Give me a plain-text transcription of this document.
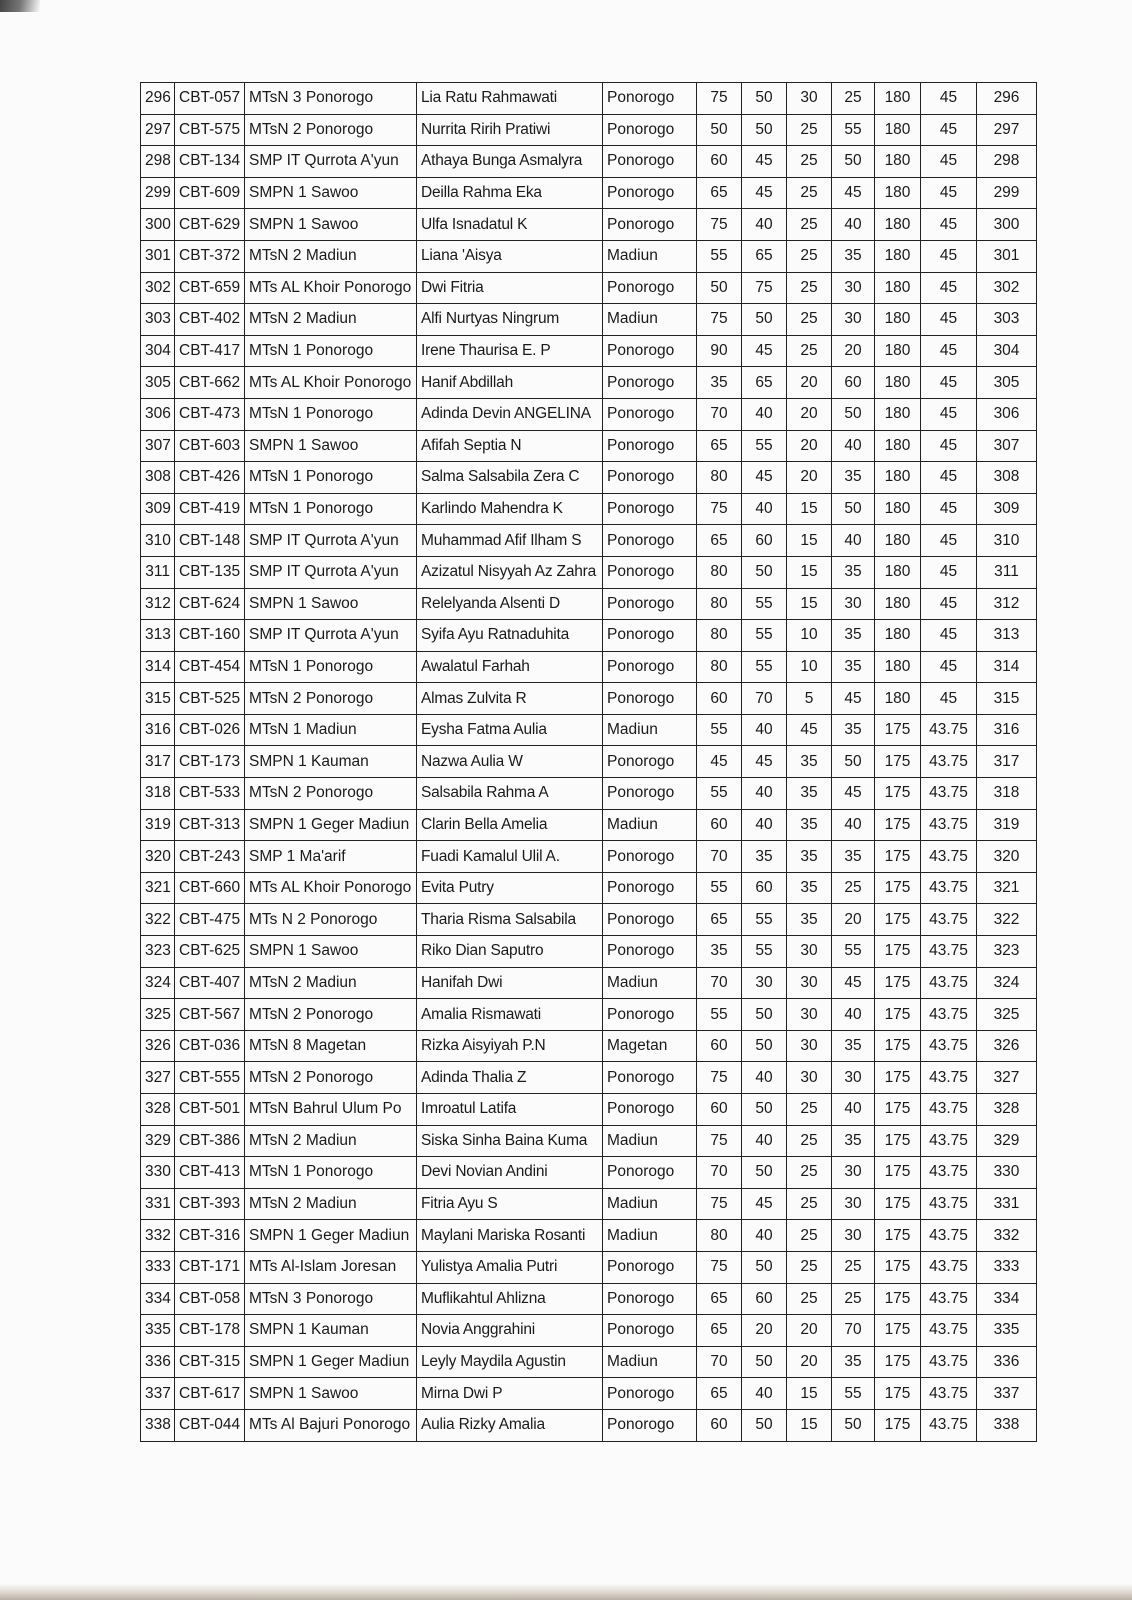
296	CBT-057	MTsN 3 Ponorogo	Lia Ratu Rahmawati	Ponorogo	75	50	30	25	180	45	296
297	CBT-575	MTsN 2 Ponorogo	Nurrita Ririh Pratiwi	Ponorogo	50	50	25	55	180	45	297
298	CBT-134	SMP IT Qurrota A'yun	Athaya Bunga Asmalyra	Ponorogo	60	45	25	50	180	45	298
299	CBT-609	SMPN 1 Sawoo	Deilla Rahma Eka	Ponorogo	65	45	25	45	180	45	299
300	CBT-629	SMPN 1 Sawoo	Ulfa Isnadatul K	Ponorogo	75	40	25	40	180	45	300
301	CBT-372	MTsN 2 Madiun	Liana 'Aisya	Madiun	55	65	25	35	180	45	301
302	CBT-659	MTs AL Khoir Ponorogo	Dwi Fitria	Ponorogo	50	75	25	30	180	45	302
303	CBT-402	MTsN 2 Madiun	Alfi Nurtyas Ningrum	Madiun	75	50	25	30	180	45	303
304	CBT-417	MTsN 1 Ponorogo	Irene Thaurisa E. P	Ponorogo	90	45	25	20	180	45	304
305	CBT-662	MTs AL Khoir Ponorogo	Hanif Abdillah	Ponorogo	35	65	20	60	180	45	305
306	CBT-473	MTsN 1 Ponorogo	Adinda Devin ANGELINA	Ponorogo	70	40	20	50	180	45	306
307	CBT-603	SMPN 1 Sawoo	Afifah Septia N	Ponorogo	65	55	20	40	180	45	307
308	CBT-426	MTsN 1 Ponorogo	Salma Salsabila Zera C	Ponorogo	80	45	20	35	180	45	308
309	CBT-419	MTsN 1 Ponorogo	Karlindo Mahendra K	Ponorogo	75	40	15	50	180	45	309
310	CBT-148	SMP IT Qurrota A'yun	Muhammad Afif Ilham S	Ponorogo	65	60	15	40	180	45	310
311	CBT-135	SMP IT Qurrota A'yun	Azizatul Nisyyah Az Zahra	Ponorogo	80	50	15	35	180	45	311
312	CBT-624	SMPN 1 Sawoo	Relelyanda Alsenti D	Ponorogo	80	55	15	30	180	45	312
313	CBT-160	SMP IT Qurrota A'yun	Syifa Ayu Ratnaduhita	Ponorogo	80	55	10	35	180	45	313
314	CBT-454	MTsN 1 Ponorogo	Awalatul Farhah	Ponorogo	80	55	10	35	180	45	314
315	CBT-525	MTsN 2 Ponorogo	Almas Zulvita R	Ponorogo	60	70	5	45	180	45	315
316	CBT-026	MTsN 1 Madiun	Eysha Fatma Aulia	Madiun	55	40	45	35	175	43.75	316
317	CBT-173	SMPN 1 Kauman	Nazwa Aulia W	Ponorogo	45	45	35	50	175	43.75	317
318	CBT-533	MTsN 2 Ponorogo	Salsabila Rahma A	Ponorogo	55	40	35	45	175	43.75	318
319	CBT-313	SMPN 1 Geger Madiun	Clarin Bella Amelia	Madiun	60	40	35	40	175	43.75	319
320	CBT-243	SMP 1 Ma'arif	Fuadi Kamalul Ulil A.	Ponorogo	70	35	35	35	175	43.75	320
321	CBT-660	MTs AL Khoir Ponorogo	Evita Putry	Ponorogo	55	60	35	25	175	43.75	321
322	CBT-475	MTs N 2 Ponorogo	Tharia Risma Salsabila	Ponorogo	65	55	35	20	175	43.75	322
323	CBT-625	SMPN 1 Sawoo	Riko Dian Saputro	Ponorogo	35	55	30	55	175	43.75	323
324	CBT-407	MTsN 2 Madiun	Hanifah Dwi	Madiun	70	30	30	45	175	43.75	324
325	CBT-567	MTsN 2 Ponorogo	Amalia Rismawati	Ponorogo	55	50	30	40	175	43.75	325
326	CBT-036	MTsN 8 Magetan	Rizka Aisyiyah P.N	Magetan	60	50	30	35	175	43.75	326
327	CBT-555	MTsN 2 Ponorogo	Adinda Thalia Z	Ponorogo	75	40	30	30	175	43.75	327
328	CBT-501	MTsN Bahrul Ulum Po	Imroatul Latifa	Ponorogo	60	50	25	40	175	43.75	328
329	CBT-386	MTsN 2 Madiun	Siska Sinha Baina Kuma	Madiun	75	40	25	35	175	43.75	329
330	CBT-413	MTsN 1 Ponorogo	Devi Novian Andini	Ponorogo	70	50	25	30	175	43.75	330
331	CBT-393	MTsN 2 Madiun	Fitria Ayu S	Madiun	75	45	25	30	175	43.75	331
332	CBT-316	SMPN 1 Geger Madiun	Maylani Mariska Rosanti	Madiun	80	40	25	30	175	43.75	332
333	CBT-171	MTs Al-Islam Joresan	Yulistya Amalia Putri	Ponorogo	75	50	25	25	175	43.75	333
334	CBT-058	MTsN 3 Ponorogo	Muflikahtul Ahlizna	Ponorogo	65	60	25	25	175	43.75	334
335	CBT-178	SMPN 1 Kauman	Novia Anggrahini	Ponorogo	65	20	20	70	175	43.75	335
336	CBT-315	SMPN 1 Geger Madiun	Leyly Maydila Agustin	Madiun	70	50	20	35	175	43.75	336
337	CBT-617	SMPN 1 Sawoo	Mirna Dwi P	Ponorogo	65	40	15	55	175	43.75	337
338	CBT-044	MTs Al Bajuri Ponorogo	Aulia Rizky Amalia	Ponorogo	60	50	15	50	175	43.75	338
